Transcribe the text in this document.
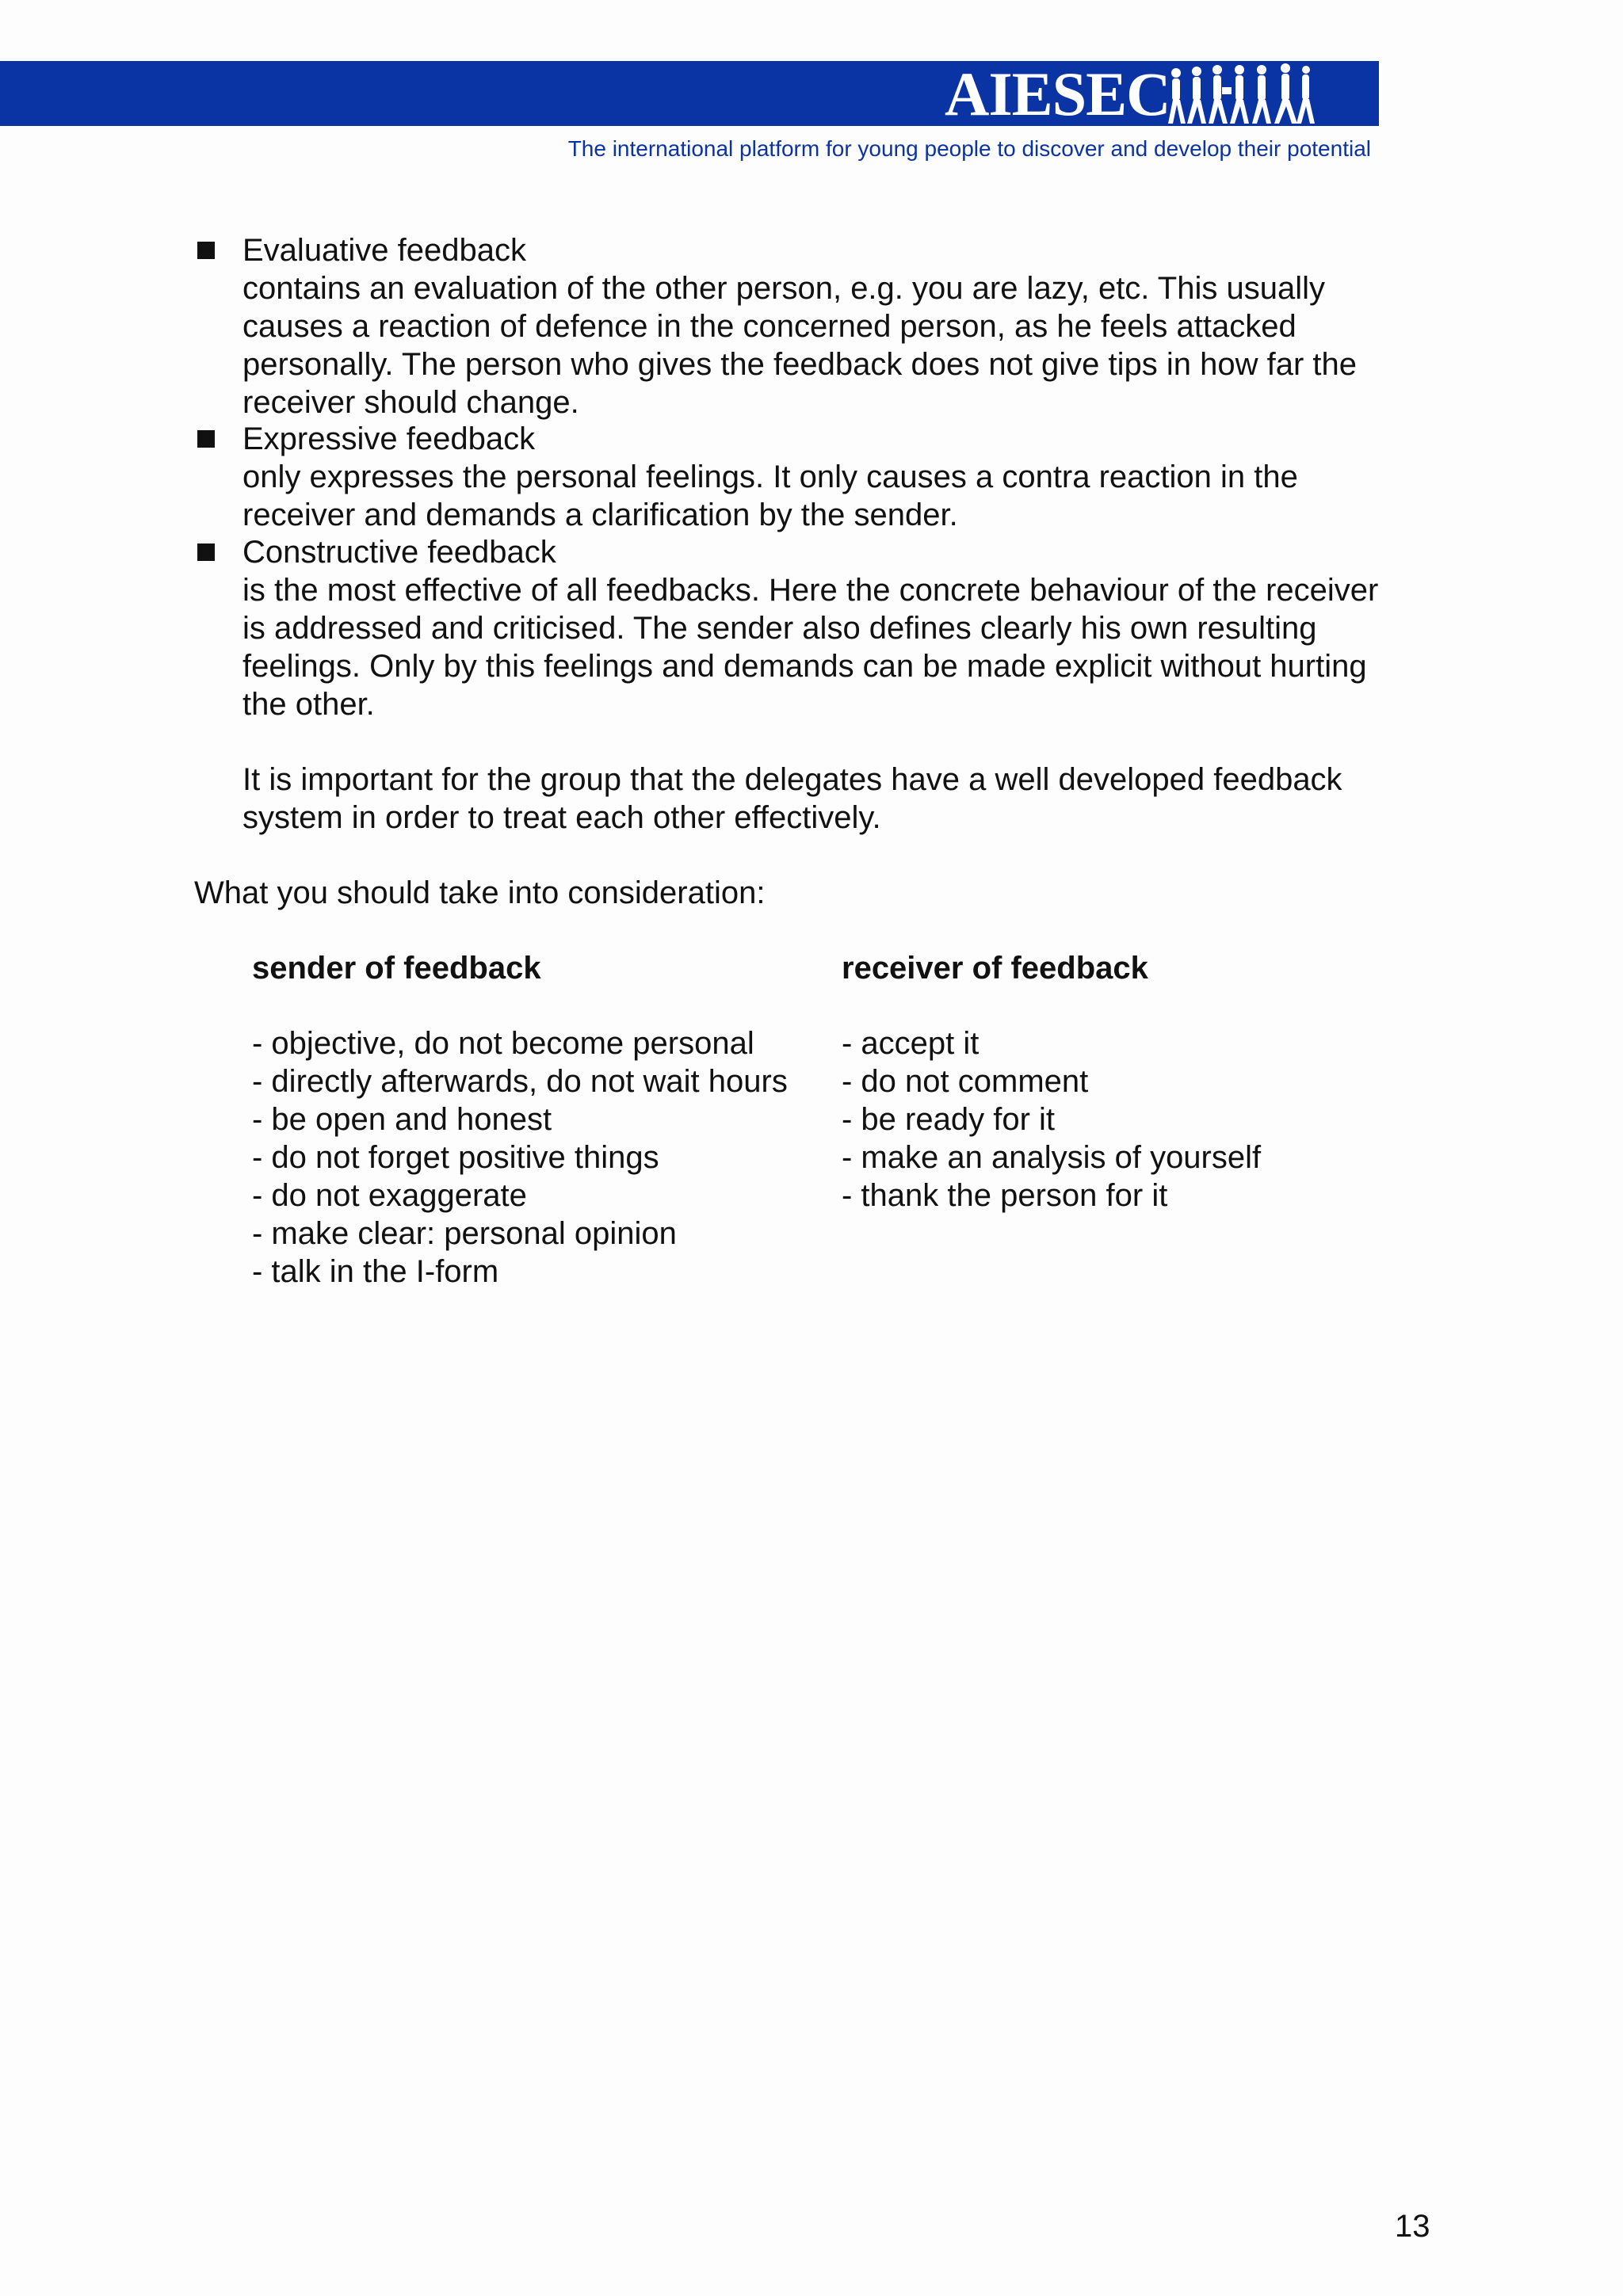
AIESEC
The international platform for young people to discover and develop their potential
Evaluative feedback
contains an evaluation of the other person, e.g. you are lazy, etc. This usually
causes a reaction of defence in the concerned person, as he feels attacked
personally. The person who gives the feedback does not give tips in how far the
receiver should change.
Expressive feedback
only expresses the personal feelings. It only causes a contra reaction in the
receiver and demands a clarification by the sender.
Constructive feedback
is the most effective of all feedbacks. Here the concrete behaviour of the receiver
is addressed and criticised. The sender also defines clearly his own resulting
feelings. Only by this feelings and demands can be made explicit without hurting
the other.
It is important for the group that the delegates have a well developed feedback
system in order to treat each other effectively.
What you should take into consideration:
sender of feedback	receiver of feedback
- objective, do not become personal
- directly afterwards, do not wait hours
- be open and honest
- do not forget positive things
- do not exaggerate
- make clear: personal opinion
- talk in the I-form
- accept it
- do not comment
- be ready for it
- make an analysis of yourself
- thank the person for it
13
